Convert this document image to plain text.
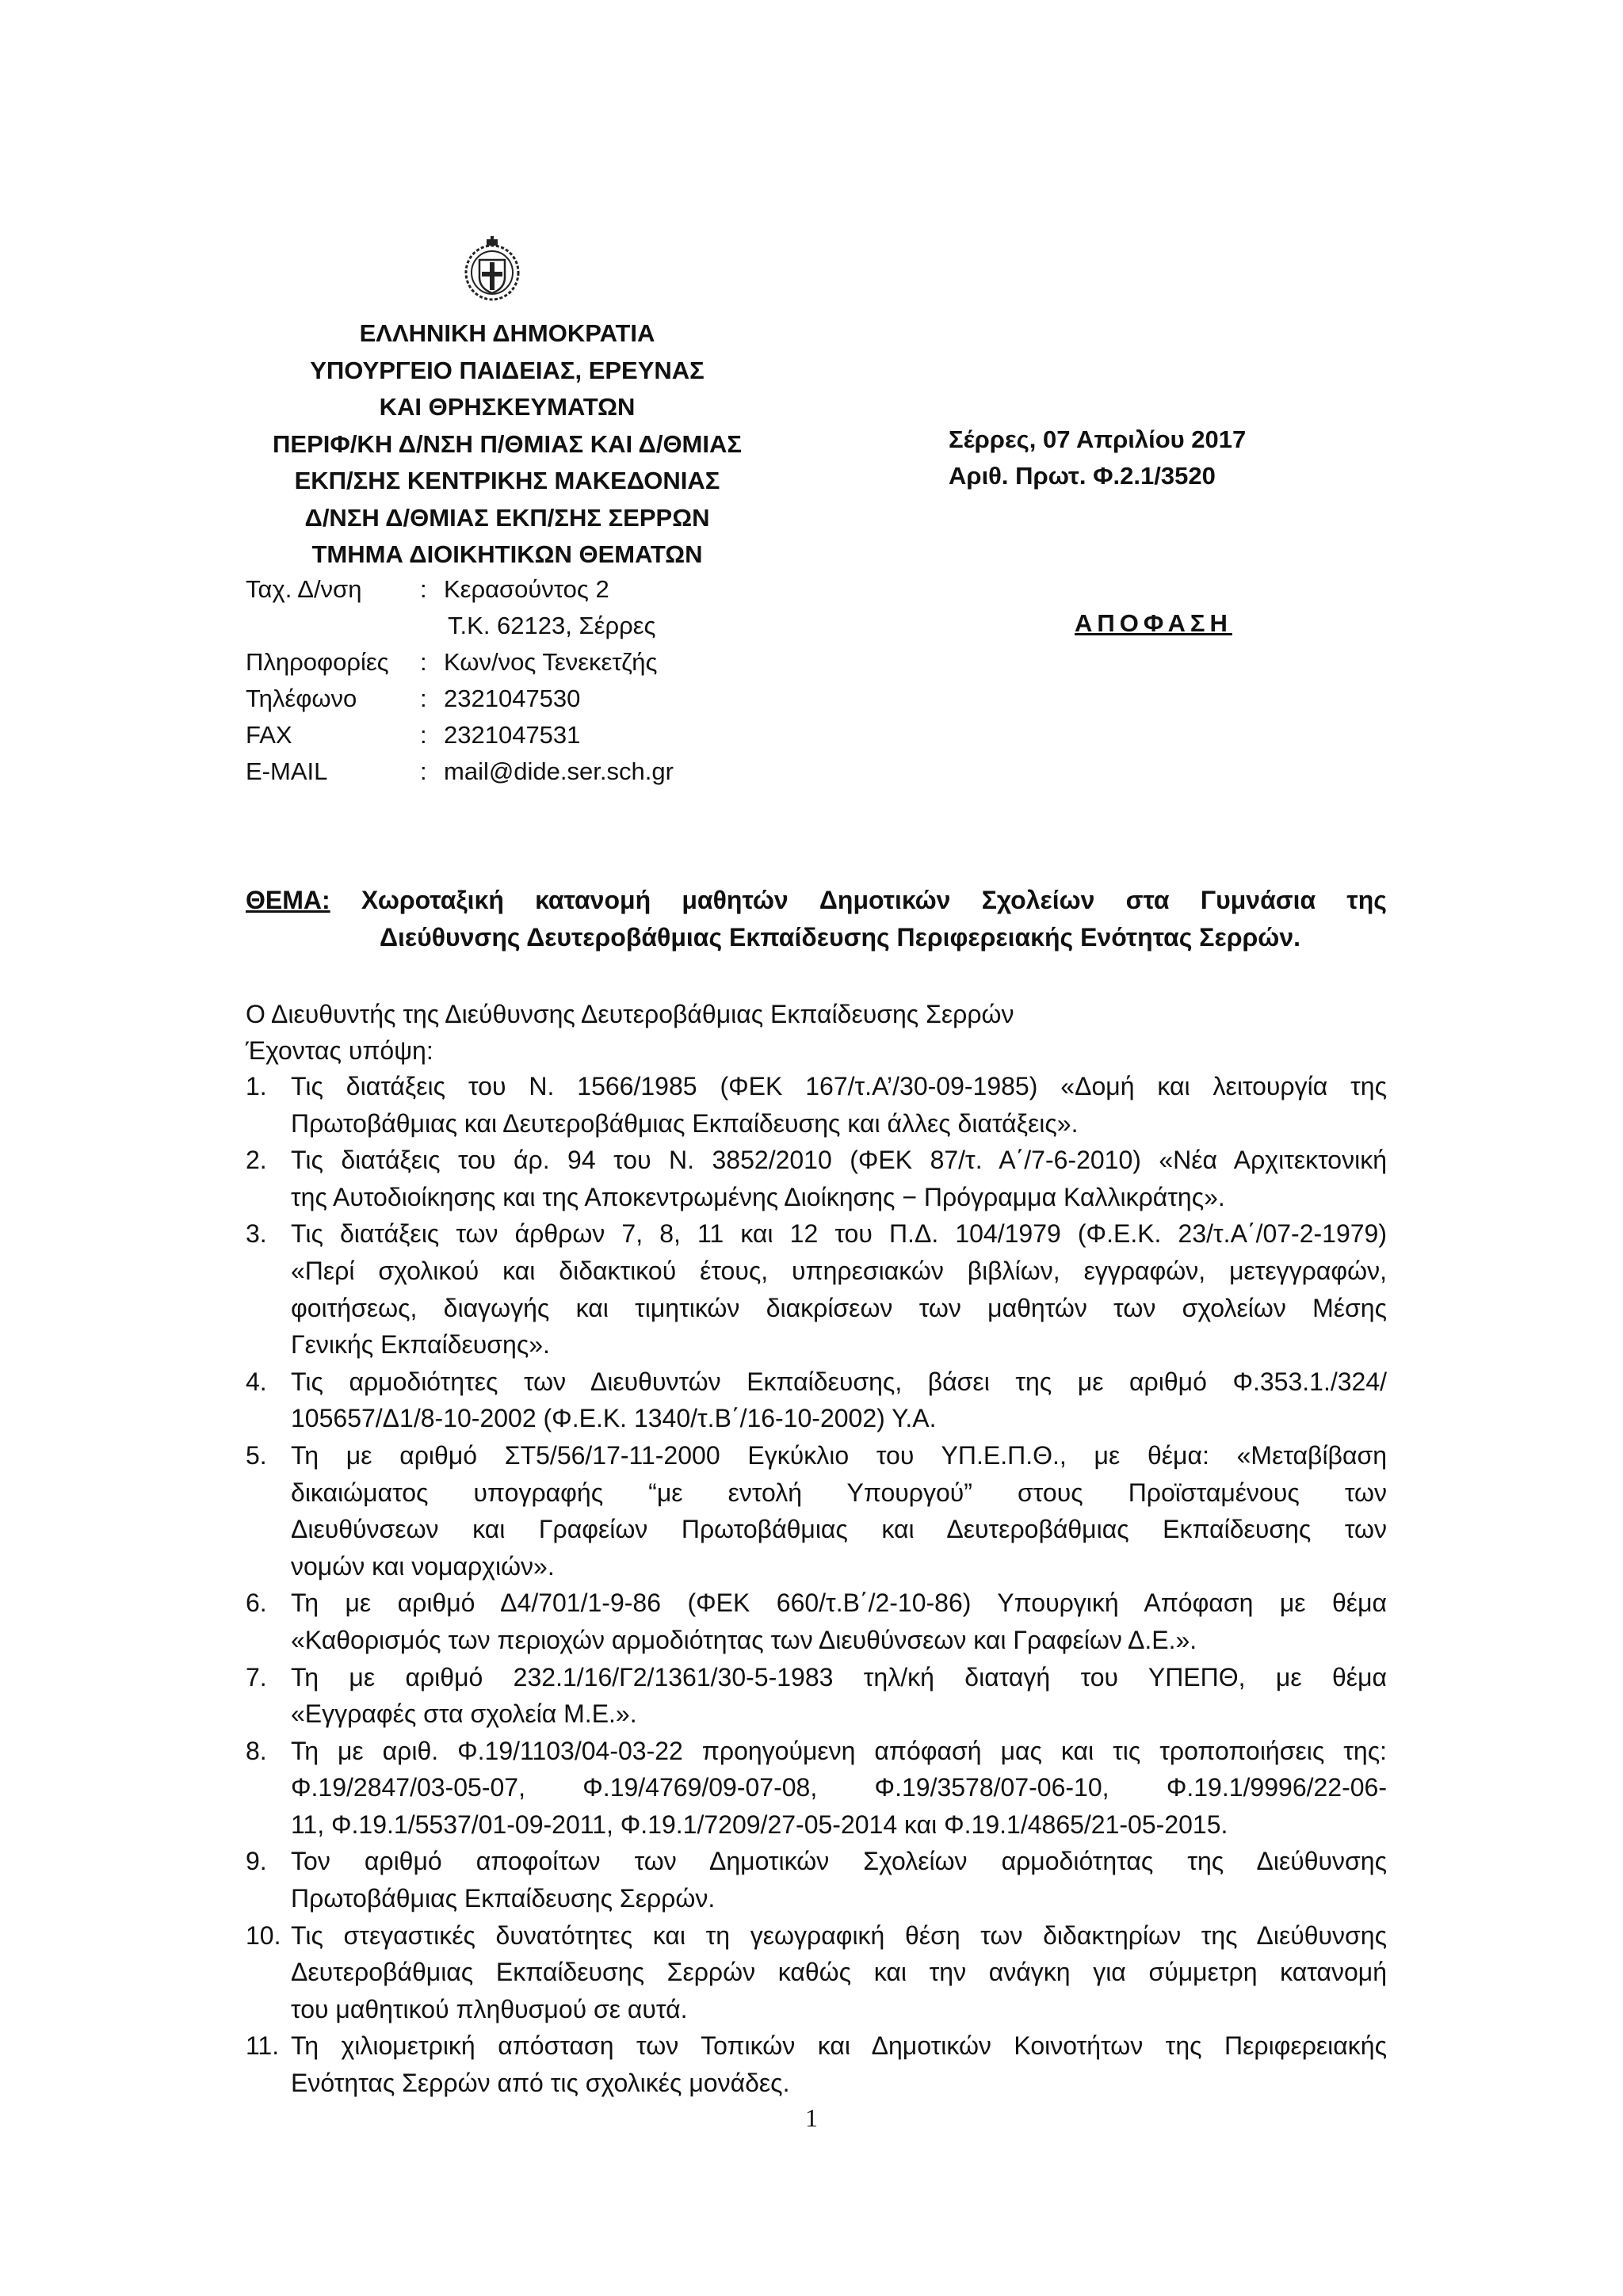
ΕΛΛΗΝΙΚΗ ΔΗΜΟΚΡΑΤΙΑ
ΥΠΟΥΡΓΕΙΟ ΠΑΙΔΕΙΑΣ, ΕΡΕΥΝΑΣ
ΚΑΙ ΘΡΗΣΚΕΥΜΑΤΩΝ
ΠΕΡΙΦ/ΚΗ Δ/ΝΣΗ Π/ΘΜΙΑΣ ΚΑΙ Δ/ΘΜΙΑΣ
ΕΚΠ/ΣΗΣ ΚΕΝΤΡΙΚΗΣ ΜΑΚΕΔΟΝΙΑΣ
Δ/ΝΣΗ Δ/ΘΜΙΑΣ ΕΚΠ/ΣΗΣ ΣΕΡΡΩΝ
ΤΜΗΜΑ ΔΙΟΙΚΗΤΙΚΩΝ ΘΕΜΑΤΩΝ
Ταχ. Δ/νση	: Κερασούντος 2
Τ.Κ. 62123, Σέρρες
Πληροφορίες	: Κων/νος Τενεκετζής
Τηλέφωνο	: 2321047530
FAX	: 2321047531
E-MAIL	: mail@dide.ser.sch.gr
Σέρρες, 07 Απριλίου 2017
Αριθ. Πρωτ. Φ.2.1/3520
ΑΠΟΦΑΣΗ
ΘΕΜΑ: Χωροταξική κατανομή μαθητών Δημοτικών Σχολείων στα Γυμνάσια της
Διεύθυνσης Δευτεροβάθμιας Εκπαίδευσης Περιφερειακής Ενότητας Σερρών.
Ο Διευθυντής της Διεύθυνσης Δευτεροβάθμιας Εκπαίδευσης Σερρών
Έχοντας υπόψη:
1. Τις διατάξεις του Ν. 1566/1985 (ΦΕΚ 167/τ.Α’/30-09-1985) «Δομή και λειτουργία της
Πρωτοβάθμιας και Δευτεροβάθμιας Εκπαίδευσης και άλλες διατάξεις».
2. Τις διατάξεις του άρ. 94 του Ν. 3852/2010 (ΦΕΚ 87/τ. Α΄/7-6-2010) «Νέα Αρχιτεκτονική
της Αυτοδιοίκησης και της Αποκεντρωμένης Διοίκησης − Πρόγραμμα Καλλικράτης».
3. Τις διατάξεις των άρθρων 7, 8, 11 και 12 του Π.Δ. 104/1979 (Φ.Ε.Κ. 23/τ.Α΄/07-2-1979)
«Περί σχολικού και διδακτικού έτους, υπηρεσιακών βιβλίων, εγγραφών, μετεγγραφών,
φοιτήσεως, διαγωγής και τιμητικών διακρίσεων των μαθητών των σχολείων Μέσης
Γενικής Εκπαίδευσης».
4. Τις αρμοδιότητες των Διευθυντών Εκπαίδευσης, βάσει της με αριθμό Φ.353.1./324/
105657/Δ1/8-10-2002 (Φ.Ε.Κ. 1340/τ.Β΄/16-10-2002) Υ.Α.
5. Τη με αριθμό ΣΤ5/56/17-11-2000 Εγκύκλιο του ΥΠ.Ε.Π.Θ., με θέμα: «Μεταβίβαση
δικαιώματος υπογραφής “με εντολή Υπουργού” στους Προϊσταμένους των
Διευθύνσεων και Γραφείων Πρωτοβάθμιας και Δευτεροβάθμιας Εκπαίδευσης των
νομών και νομαρχιών».
6. Τη με αριθμό Δ4/701/1-9-86 (ΦΕΚ 660/τ.Β΄/2-10-86) Υπουργική Απόφαση με θέμα
«Καθορισμός των περιοχών αρμοδιότητας των Διευθύνσεων και Γραφείων Δ.Ε.».
7. Τη με αριθμό 232.1/16/Γ2/1361/30-5-1983 τηλ/κή διαταγή του ΥΠΕΠΘ, με θέμα
«Εγγραφές στα σχολεία Μ.Ε.».
8. Τη με αριθ. Φ.19/1103/04-03-22 προηγούμενη απόφασή μας και τις τροποποιήσεις της:
Φ.19/2847/03-05-07, Φ.19/4769/09-07-08, Φ.19/3578/07-06-10, Φ.19.1/9996/22-06-
11, Φ.19.1/5537/01-09-2011, Φ.19.1/7209/27-05-2014 και Φ.19.1/4865/21-05-2015.
9. Τον αριθμό αποφοίτων των Δημοτικών Σχολείων αρμοδιότητας της Διεύθυνσης
Πρωτοβάθμιας Εκπαίδευσης Σερρών.
10. Τις στεγαστικές δυνατότητες και τη γεωγραφική θέση των διδακτηρίων της Διεύθυνσης
Δευτεροβάθμιας Εκπαίδευσης Σερρών καθώς και την ανάγκη για σύμμετρη κατανομή
του μαθητικού πληθυσμού σε αυτά.
11. Τη χιλιομετρική απόσταση των Τοπικών και Δημοτικών Κοινοτήτων της Περιφερειακής
Ενότητας Σερρών από τις σχολικές μονάδες.
1
